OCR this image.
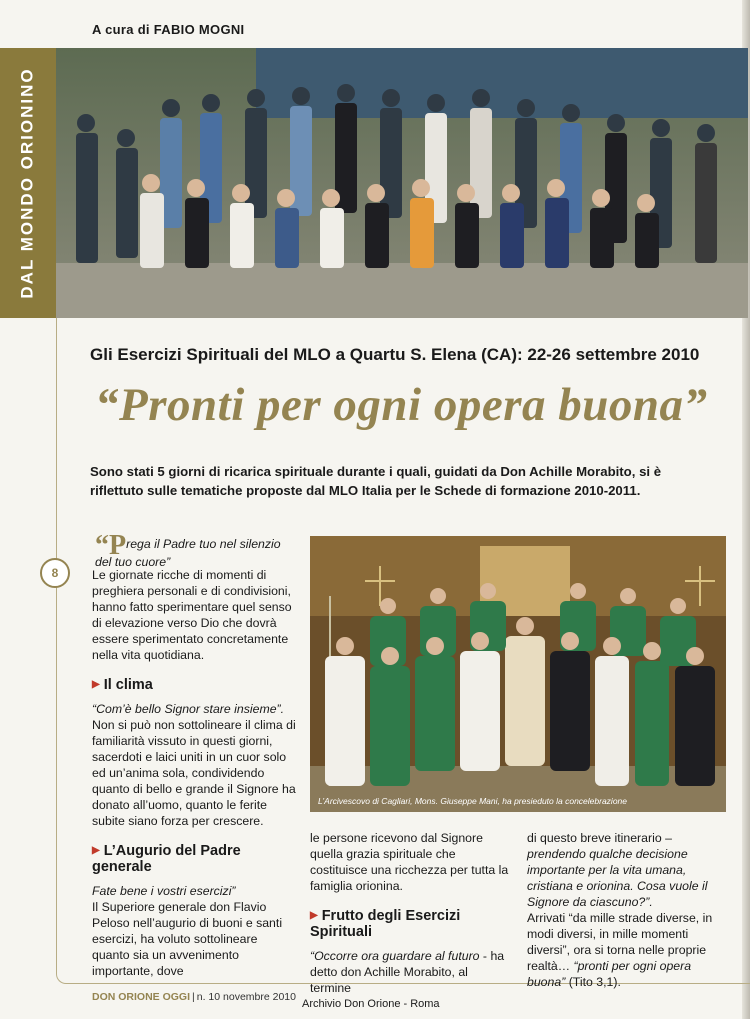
A cura di FABIO MOGNI
DAL MONDO ORIONINO
Gli Esercizi Spirituali del MLO a Quartu S. Elena (CA): 22-26 settembre 2010
“Pronti per ogni opera buona”
Sono stati 5 giorni di ricarica spirituale durante i quali, guidati da Don Achille Morabito, si è riflettuto sulle tematiche proposte dal MLO Italia per le Schede di formazione 2010-2011.
8
“Prega il Padre tuo nel silenzio del tuo cuore”

Le giornate ricche di momenti di preghiera personali e di condivisioni, hanno fatto sperimentare quel senso di elevazione verso Dio che dovrà essere sperimentato concretamente nella vita quotidiana.

▶ Il clima

“Com’è bello Signor stare insieme”.

Non si può non sottolineare il clima di familiarità vissuto in questi giorni, sacerdoti e laici uniti in un cuor solo ed un’anima sola, condividendo quanto di bello e grande il Signore ha donato all’uomo, quanto le ferite subite siano forza per crescere.

▶ L’Augurio del Padre generale

Fate bene i vostri esercizi”

Il Superiore generale don Flavio Peloso nell’augurio di buoni e santi esercizi, ha voluto sottolineare quanto sia un avvenimento importante, dove

L’Arcivescovo di Cagliari, Mons. Giuseppe Mani, ha presieduto la concelebrazione

le persone ricevono dal Signore quella grazia spirituale che costituisce una ricchezza per tutta la famiglia orionina.

▶ Frutto degli Esercizi Spirituali

“Occorre ora guardare al futuro - ha detto don Achille Morabito, al termine

di questo breve itinerario – prendendo qualche decisione importante per la vita umana, cristiana e orionina. Cosa vuole il Signore da ciascuno?”.

Arrivati “da mille strade diverse, in modi diversi, in mille momenti diversi”, ora si torna nelle proprie realtà… “pronti per ogni opera buona” (Tito 3,1).

DON ORIONE OGGI | n. 10 novembre 2010
Archivio Don Orione - Roma
